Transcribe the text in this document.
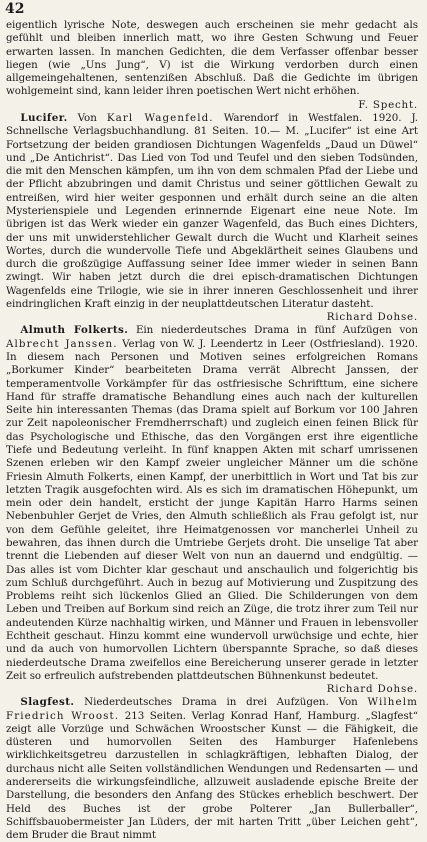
42

eigentlich lyrische Note, deswegen auch erscheinen sie mehr gedacht als gefühlt und bleiben innerlich matt, wo ihre Gesten Schwung und Feuer erwarten lassen. In manchen Gedichten, die dem Verfasser offenbar besser liegen (wie „Uns Jung“, V) ist die Wirkung verdorben durch einen allgemeingehaltenen, sentenzißen Abschluß. Daß die Gedichte im übrigen wohlgemeint sind, kann leider ihren poetischen Wert nicht erhöhen.

F. Specht.

Lucifer. Von Karl Wagenfeld. Warendorf in Westfalen. 1920. J. Schnellsche Verlagsbuchhandlung. 81 Seiten. 10.— M. „Lucifer“ ist eine Art Fortsetzung der beiden grandiosen Dichtungen Wagenfelds „Daud un Düwel“ und „De Antichrist“. Das Lied von Tod und Teufel und den sieben Todsünden, die mit den Menschen kämpfen, um ihn von dem schmalen Pfad der Liebe und der Pflicht abzubringen und damit Christus und seiner göttlichen Gewalt zu entreißen, wird hier weiter gesponnen und erhält durch seine an die alten Mysterienspiele und Legenden erinnernde Eigenart eine neue Note. Im übrigen ist das Werk wieder ein ganzer Wagenfeld, das Buch eines Dichters, der uns mit unwiderstehlicher Gewalt durch die Wucht und Klarheit seines Wortes, durch die wundervolle Tiefe und Abgeklärtheit seines Glaubens und durch die großzügige Auffassung seiner Idee immer wieder in seinen Bann zwingt. Wir haben jetzt durch die drei episch-dramatischen Dichtungen Wagenfelds eine Trilogie, wie sie in ihrer inneren Geschlossenheit und ihrer eindringlichen Kraft einzig in der neuplattdeutschen Literatur dasteht.

Richard Dohse.

Almuth Folkerts. Ein niederdeutsches Drama in fünf Aufzügen von Albrecht Janssen. Verlag von W. J. Leendertz in Leer (Ostfriesland). 1920. In diesem nach Personen und Motiven seines erfolgreichen Romans „Borkumer Kinder“ bearbeiteten Drama verrät Albrecht Janssen, der temperamentvolle Vorkämpfer für das ostfriesische Schrifttum, eine sichere Hand für straffe dramatische Behandlung eines auch nach der kulturellen Seite hin interessanten Themas (das Drama spielt auf Borkum vor 100 Jahren zur Zeit napoleonischer Fremdherrschaft) und zugleich einen feinen Blick für das Psychologische und Ethische, das den Vorgängen erst ihre eigentliche Tiefe und Bedeutung verleiht. In fünf knappen Akten mit scharf umrissenen Szenen erleben wir den Kampf zweier ungleicher Männer um die schöne Friesin Almuth Folkerts, einen Kampf, der unerbittlich in Wort und Tat bis zur letzten Tragik ausgefochten wird. Als es sich im dramatischen Höhepunkt, um mein oder dein handelt, ersticht der junge Kapitän Harro Harms seinen Nebenbuhler Gerjet de Vries, den Almuth schließlich als Frau gefolgt ist, nur von dem Gefühle geleitet, ihre Heimatgenossen vor mancherlei Unheil zu bewahren, das ihnen durch die Umtriebe Gerjets droht. Die unselige Tat aber trennt die Liebenden auf dieser Welt von nun an dauernd und endgültig. — Das alles ist vom Dichter klar geschaut und anschaulich und folgerichtig bis zum Schluß durchgeführt. Auch in bezug auf Motivierung und Zuspitzung des Problems reiht sich lückenlos Glied an Glied. Die Schilderungen von dem Leben und Treiben auf Borkum sind reich an Züge, die trotz ihrer zum Teil nur andeutenden Kürze nachhaltig wirken, und Männer und Frauen in lebensvoller Echtheit geschaut. Hinzu kommt eine wundervoll urwüchsige und echte, hier und da auch von humorvollen Lichtern überspannte Sprache, so daß dieses niederdeutsche Drama zweifellos eine Bereicherung unserer gerade in letzter Zeit so erfreulich aufstrebenden plattdeutschen Bühnenkunst bedeutet.

Richard Dohse.

Slagfest. Niederdeutsches Drama in drei Aufzügen. Von Wilhelm Friedrich Wroost. 213 Seiten. Verlag Konrad Hanf, Hamburg. „Slagfest“ zeigt alle Vorzüge und Schwächen Wroostscher Kunst — die Fähigkeit, die düsteren und humorvollen Seiten des Hamburger Hafenlebens wirklichkeitsgetreu darzustellen in schlagkräftigen, lebhaften Dialog, der durchaus nicht alle Seiten vollständlichen Wendungen und Redensarten — und andererseits die wirkungsfeindliche, allzuweit ausladende epische Breite der Darstellung, die besonders den Anfang des Stückes erheblich beschwert. Der Held des Buches ist der grobe Polterer „Jan Bullerballer“, Schiffsbauobermeister Jan Lüders, der mit harten Tritt „über Leichen geht“, dem Bruder die Braut nimmt
